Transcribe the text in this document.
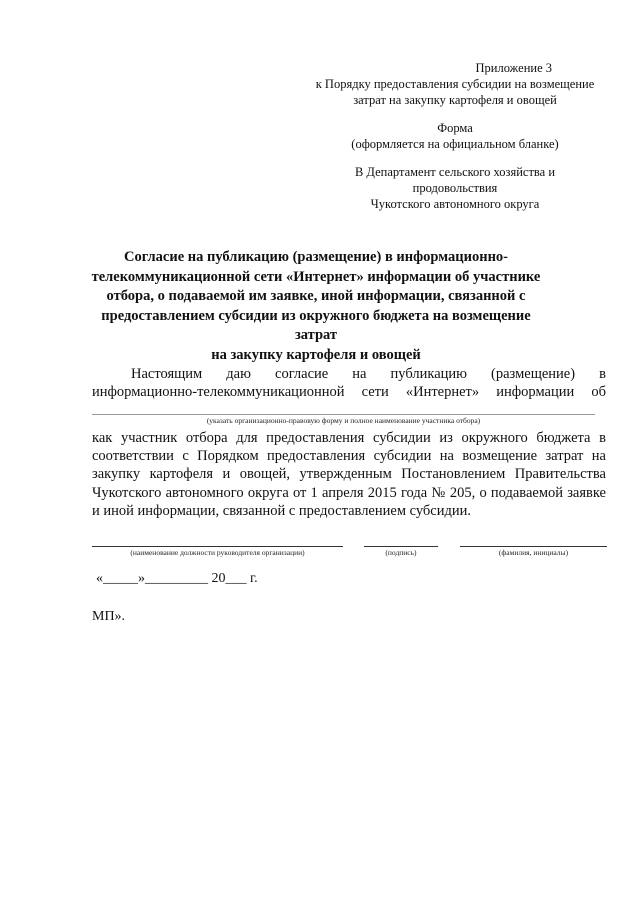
Приложение 3
к Порядку предоставления субсидии на возмещение
затрат на закупку картофеля и овощей
Форма
(оформляется на официальном бланке)
В Департамент сельского хозяйства и
продовольствия
Чукотского автономного округа
Согласие на публикацию (размещение) в информационно-
телекоммуникационной сети «Интернет» информации об участнике
отбора, о подаваемой им заявке, иной информации, связанной с
предоставлением субсидии из окружного бюджета на возмещение затрат
на закупку картофеля и овощей
Настоящим даю согласие на публикацию (размещение) в
информационно-телекоммуникационной сети «Интернет» информации об
(указать организационно-правовую форму и полное наименование участника отбора)
как участник отбора для предоставления субсидии из окружного бюджета в соответствии с Порядком предоставления субсидии на возмещение затрат на закупку картофеля и овощей, утвержденным Постановлением Правительства Чукотского автономного округа от 1 апреля 2015 года № 205, о подаваемой заявке и иной информации, связанной с предоставлением субсидии.
(наименование должности руководителя организации)	(подпись)	(фамилия, инициалы)
«_____»_________ 20___ г.
МП».
